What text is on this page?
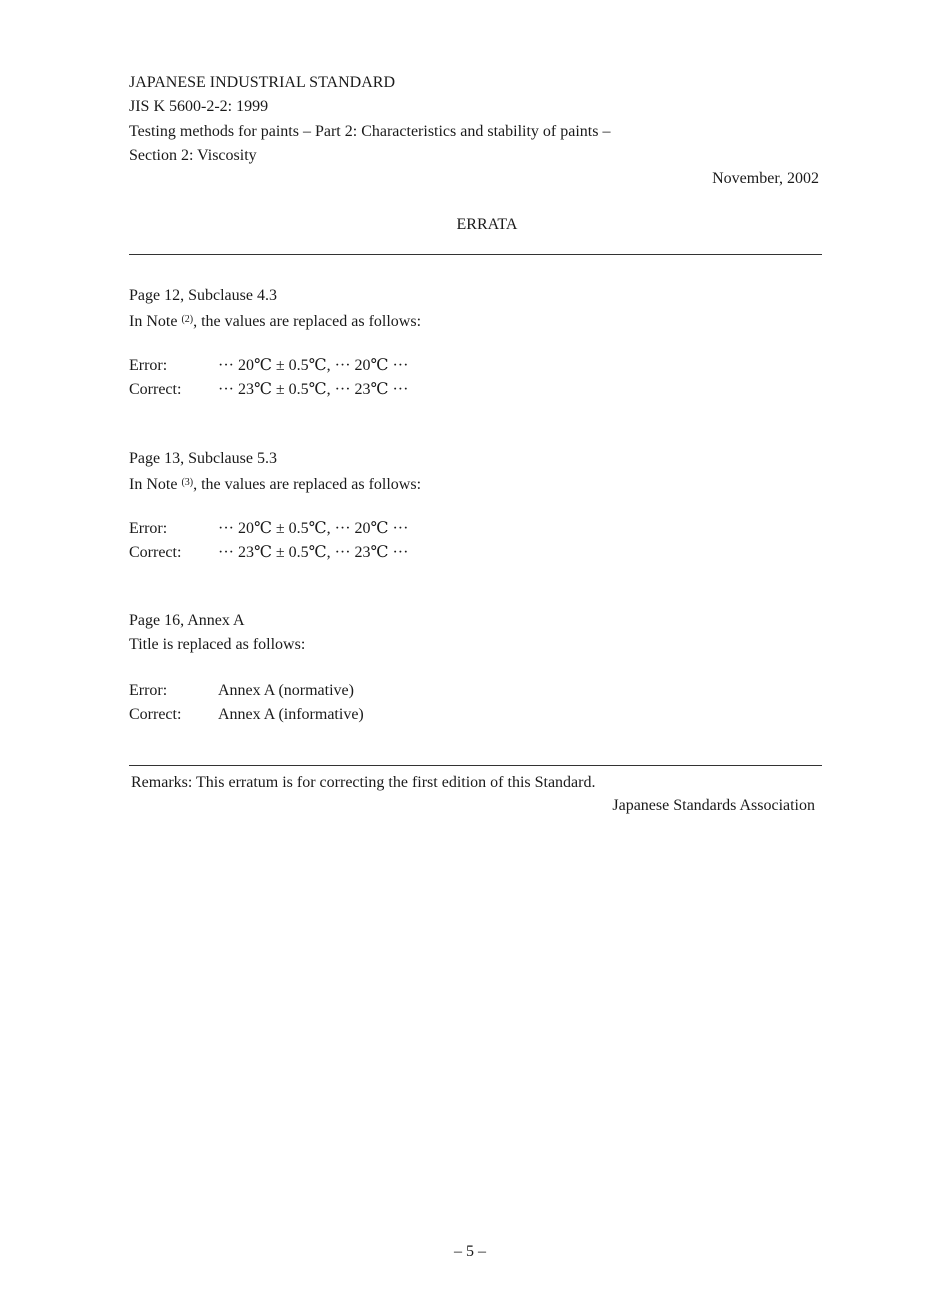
JAPANESE INDUSTRIAL STANDARD
JIS K 5600-2-2: 1999
Testing methods for paints – Part 2: Characteristics and stability of paints –
Section 2: Viscosity
November, 2002
ERRATA
Page 12, Subclause 4.3
In Note $^{(2)}$, the values are replaced as follows:
Error:	··· 20℃ ± 0.5℃, ··· 20℃ ···
Correct: ··· 23℃ ± 0.5℃, ··· 23℃ ···
Page 13, Subclause 5.3
In Note $^{(3)}$, the values are replaced as follows:
Error:	··· 20℃ ± 0.5℃, ··· 20℃ ···
Correct: ··· 23℃ ± 0.5℃, ··· 23℃ ···
Page 16, Annex A
Title is replaced as follows:
Error:	Annex A (normative)
Correct: Annex A (informative)
Remarks: This erratum is for correcting the first edition of this Standard.
Japanese Standards Association
– 5 –
